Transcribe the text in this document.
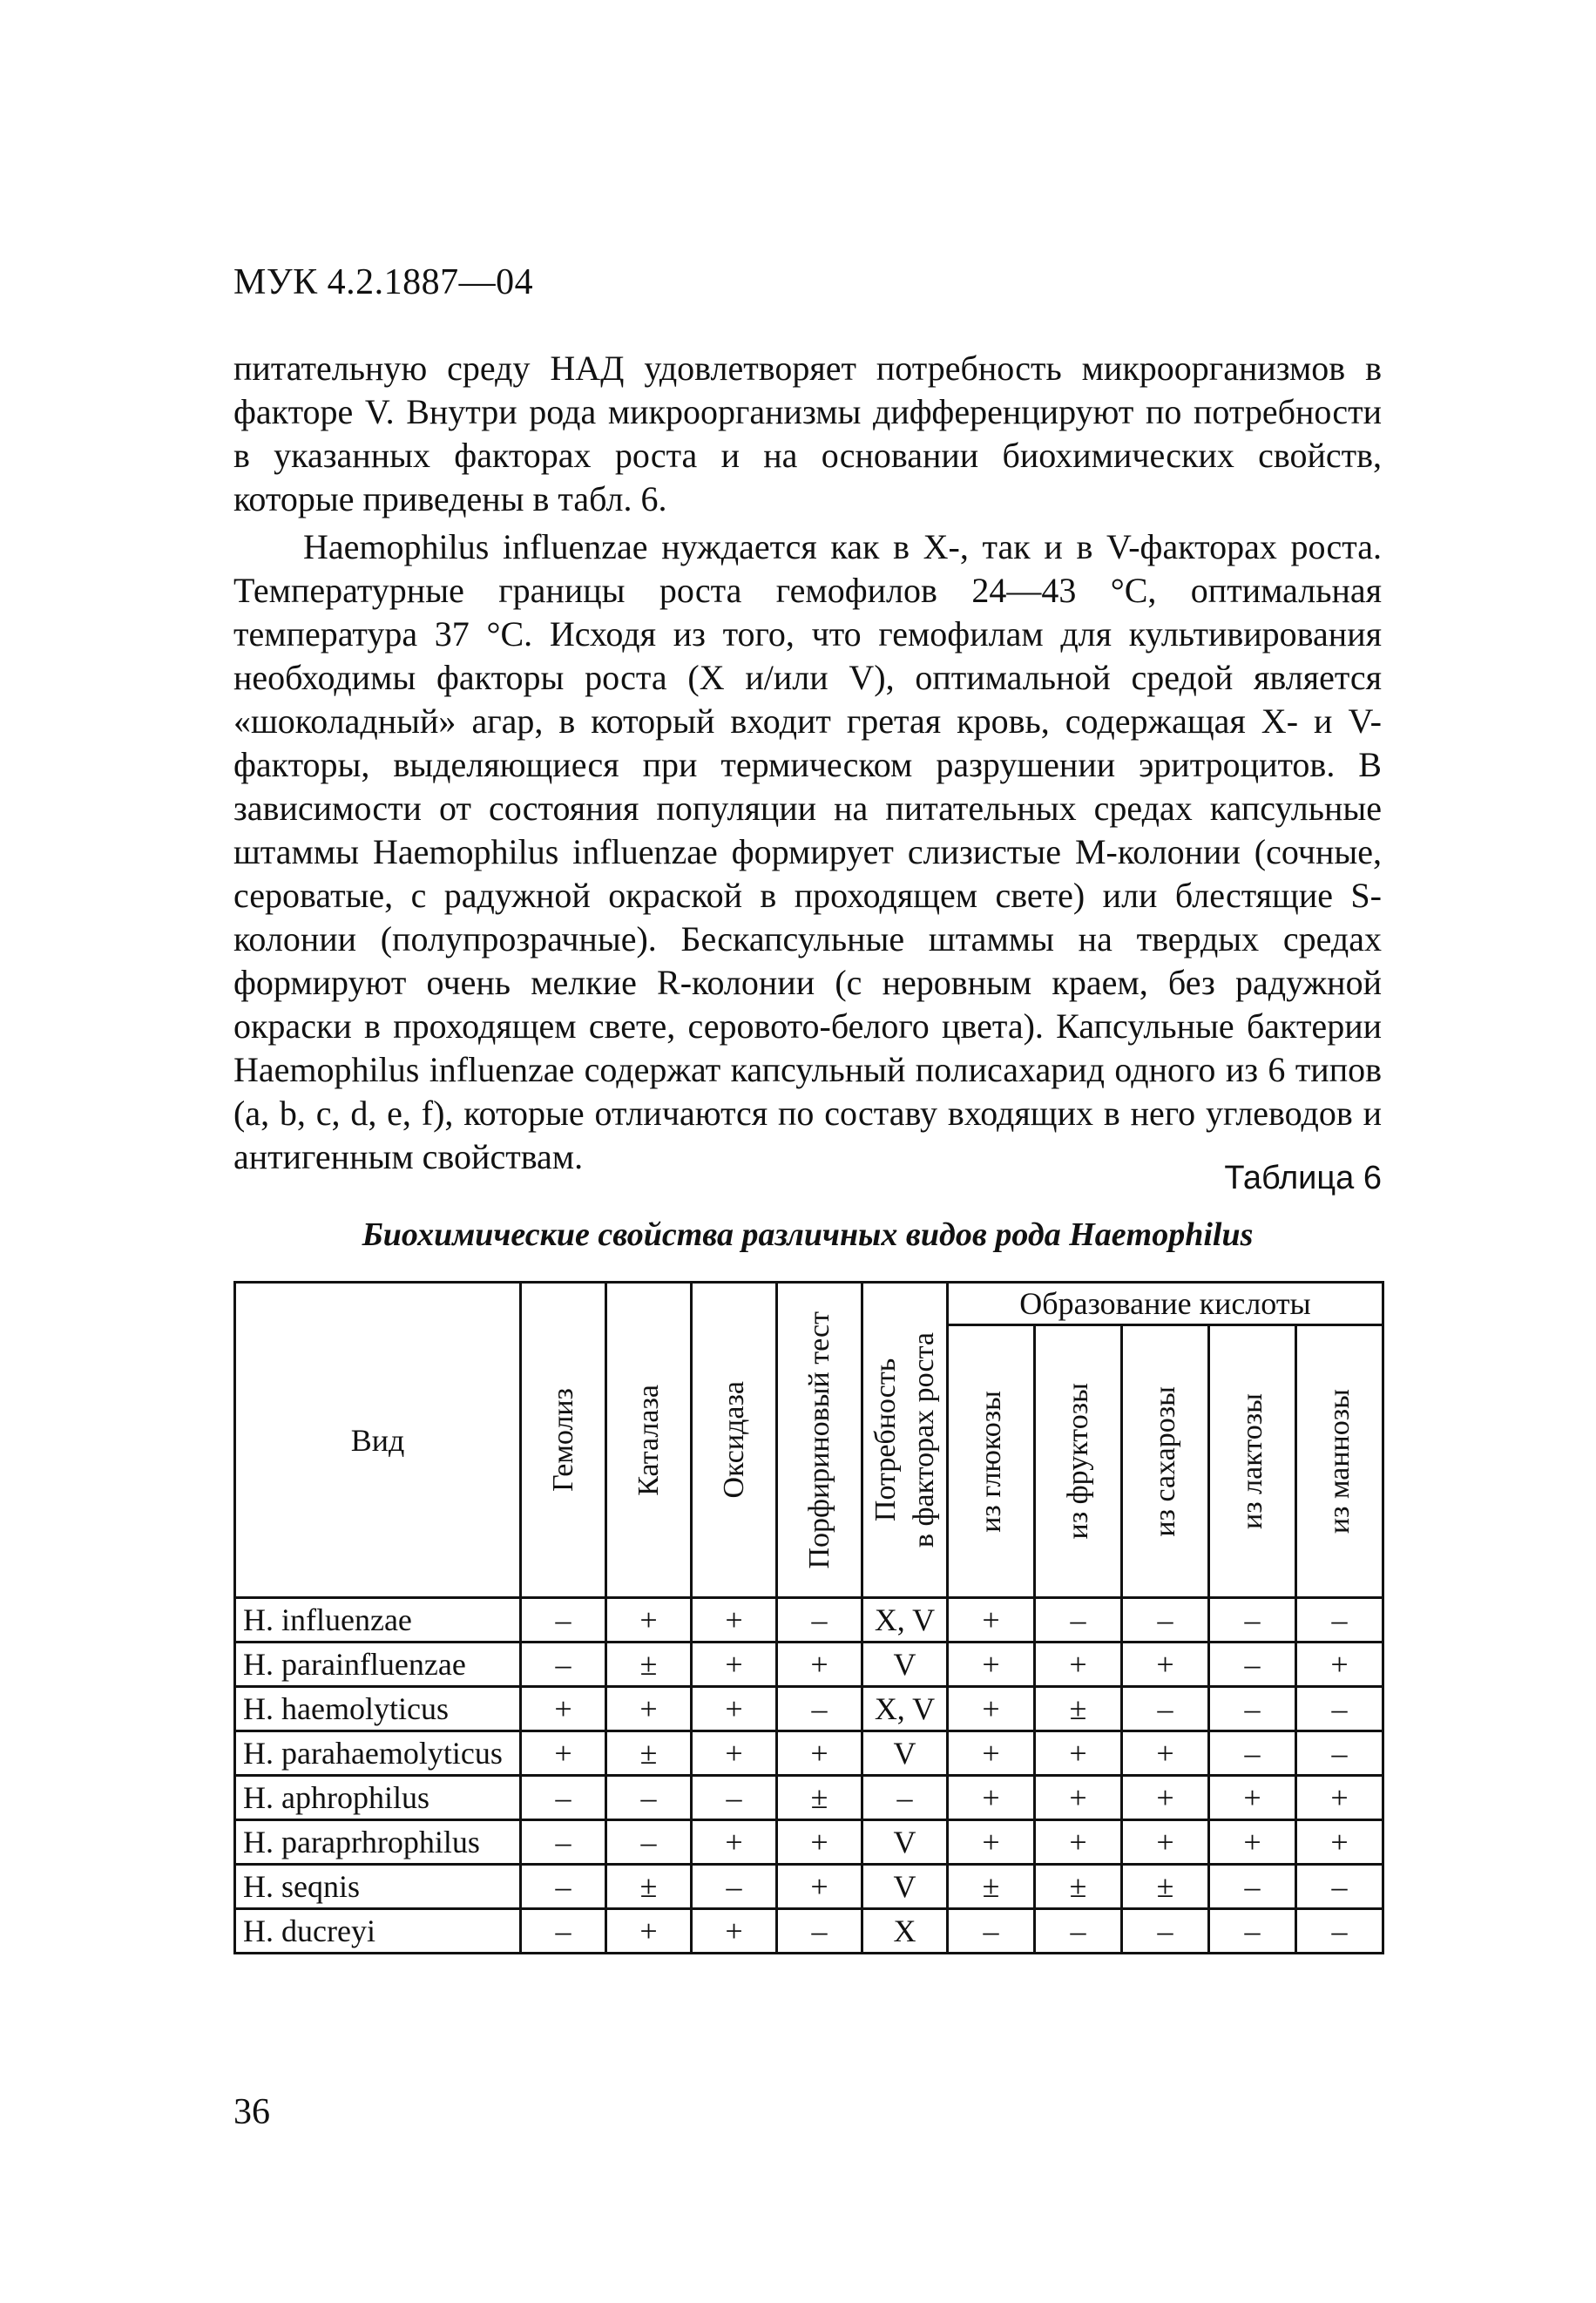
МУК 4.2.1887—04
питательную среду НАД удовлетворяет потребность микроорганизмов в факторе V. Внутри рода микроорганизмы дифференцируют по потребности в указанных факторах роста и на основании биохимических свойств, которые приведены в табл. 6.
Haemophilus influenzae нуждается как в X-, так и в V-факторах роста. Температурные границы роста гемофилов 24—43 °С, оптимальная температура 37 °С. Исходя из того, что гемофилам для культивирования необходимы факторы роста (X и/или V), оптимальной средой является «шоколадный» агар, в который входит гретая кровь, содержащая X- и V-факторы, выделяющиеся при термическом разрушении эритроцитов. В зависимости от состояния популяции на питательных средах капсульные штаммы Haemophilus influenzae формирует слизистые M-колонии (сочные, сероватые, с радужной окраской в проходящем свете) или блестящие S-колонии (полупрозрачные). Бескапсульные штаммы на твердых средах формируют очень мелкие R-колонии (с неровным краем, без радужной окраски в проходящем свете, серовото-белого цвета). Капсульные бактерии Haemophilus influenzae содержат капсульный полисахарид одного из 6 типов (a, b, c, d, e, f), которые отличаются по составу входящих в него углеводов и антигенным свойствам.
Таблица 6
Биохимические свойства различных видов рода Haemophilus
Вид	Гемолиз	Каталаза	Оксидаза	Порфириновый тест	Потребность в факторах роста	Образование кислоты				

						из глюкозы	из фруктозы	из сахарозы	из лактозы	из маннозы

H. influenzae	–	+	+	–	X, V	+	–	–	–	–
H. parainfluenzae	–	±	+	+	V	+	+	+	–	+
H. haemolyticus	+	+	+	–	X, V	+	±	–	–	–
H. parahaemolyticus	+	±	+	+	V	+	+	+	–	–
H. aphrophilus	–	–	–	±	–	+	+	+	+	+
H. paraprhrophilus	–	–	+	+	V	+	+	+	+	+
H. seqnis	–	±	–	+	V	±	±	±	–	–
H. ducreyi	–	+	+	–	X	–	–	–	–	–
36
